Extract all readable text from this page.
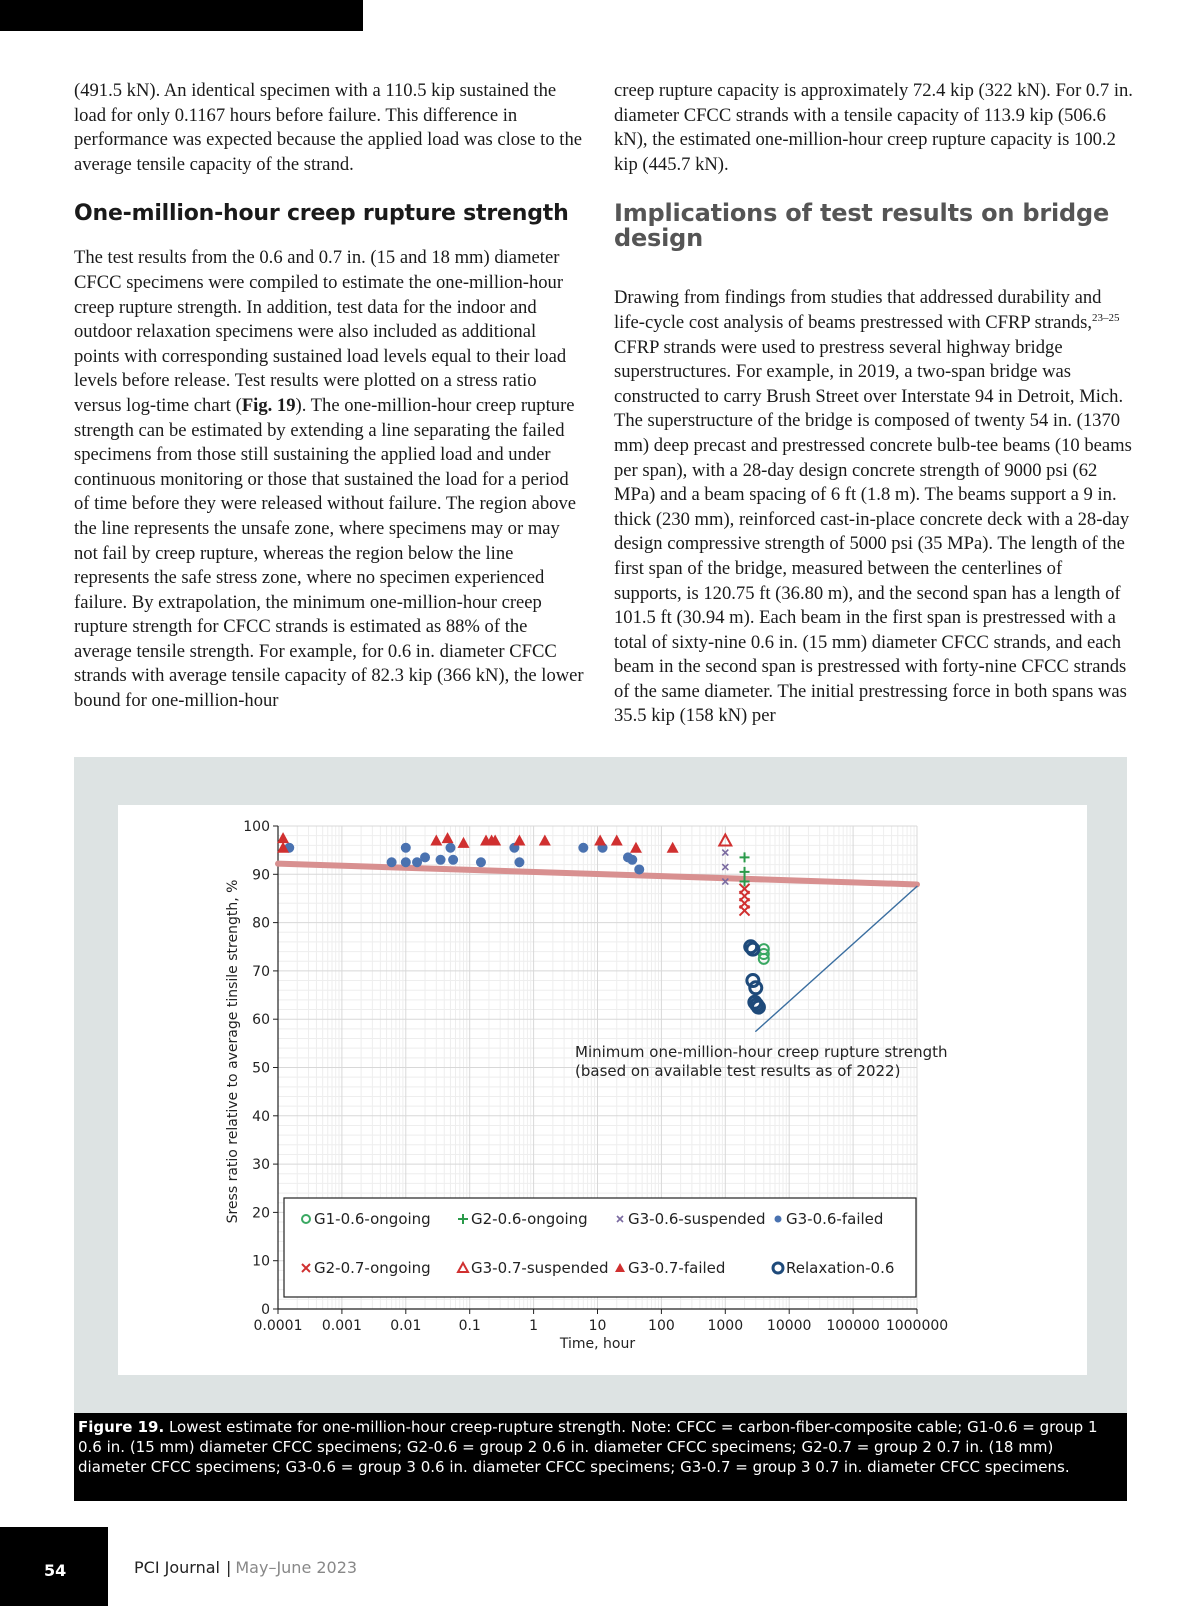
(491.5 kN). An identical specimen with a 110.5 kip sustained the load for only 0.1167 hours before failure. This difference in performance was expected because the applied load was close to the average tensile capacity of the strand.

One-million-hour creep rupture strength

The test results from the 0.6 and 0.7 in. (15 and 18 mm) diameter CFCC specimens were compiled to estimate the one-million-hour creep rupture strength. In addition, test data for the indoor and outdoor relaxation specimens were also included as additional points with corresponding sustained load levels equal to their load levels before release. Test results were plotted on a stress ratio versus log-time chart (Fig. 19). The one-million-hour creep rupture strength can be estimated by extending a line separating the failed specimens from those still sustaining the applied load and under continuous monitoring or those that sustained the load for a period of time before they were released without failure. The region above the line represents the unsafe zone, where specimens may or may not fail by creep rupture, whereas the region below the line represents the safe stress zone, where no specimen experienced failure. By extrapolation, the minimum one-million-hour creep rupture strength for CFCC strands is estimated as 88% of the average tensile strength. For example, for 0.6 in. diameter CFCC strands with average tensile capacity of 82.3 kip (366 kN), the lower bound for one-million-hour

creep rupture capacity is approximately 72.4 kip (322 kN). For 0.7 in. diameter CFCC strands with a tensile capacity of 113.9 kip (506.6 kN), the estimated one-million-hour creep rupture capacity is 100.2 kip (445.7 kN).

Implications of test results on bridge design

Drawing from findings from studies that addressed durability and life-cycle cost analysis of beams prestressed with CFRP strands,$^{23-25}$ CFRP strands were used to prestress several highway bridge superstructures. For example, in 2019, a two-span bridge was constructed to carry Brush Street over Interstate 94 in Detroit, Mich. The superstructure of the bridge is composed of twenty 54 in. (1370 mm) deep precast and prestressed concrete bulb-tee beams (10 beams per span), with a 28-day design concrete strength of 9000 psi (62 MPa) and a beam spacing of 6 ft (1.8 m). The beams support a 9 in. thick (230 mm), reinforced cast-in-place concrete deck with a 28-day design compressive strength of 5000 psi (35 MPa). The length of the first span of the bridge, measured between the centerlines of supports, is 120.75 ft (36.80 m), and the second span has a length of 101.5 ft (30.94 m). Each beam in the first span is prestressed with a total of sixty-nine 0.6 in. (15 mm) diameter CFCC strands, and each beam in the second span is prestressed with forty-nine CFCC strands of the same diameter. The initial prestressing force in both spans was 35.5 kip (158 kN) per

0.0001 0.001 0.01	0.1	1	10	100 1000 10000 100000 1000000
0
10
20
30
40
50
60
70
80
90
100
Time, hour
Sress ratio relative to average tinsile strength, %	Minimum one-million-hour creep rupture strength
(based on available test results as of 2022)
G1-0.6-ongoing	G2-0.6-ongoing	G3-0.6-suspended G3-0.6-failed
G2-0.7-ongoing	G3-0.7-suspended G3-0.7-failed	Relaxation-0.6
Figure 19. Lowest estimate for one-million-hour creep-rupture strength. Note: CFCC = carbon-fiber-composite cable; G1-0.6 = group 1 0.6 in. (15 mm) diameter CFCC specimens; G2-0.6 = group 2 0.6 in. diameter CFCC specimens; G2-0.7 = group 2 0.7 in. (18 mm) diameter CFCC specimens; G3-0.6 = group 3 0.6 in. diameter CFCC specimens; G3-0.7 = group 3 0.7 in. diameter CFCC specimens.
54	PCI Journal | May–June 2023
